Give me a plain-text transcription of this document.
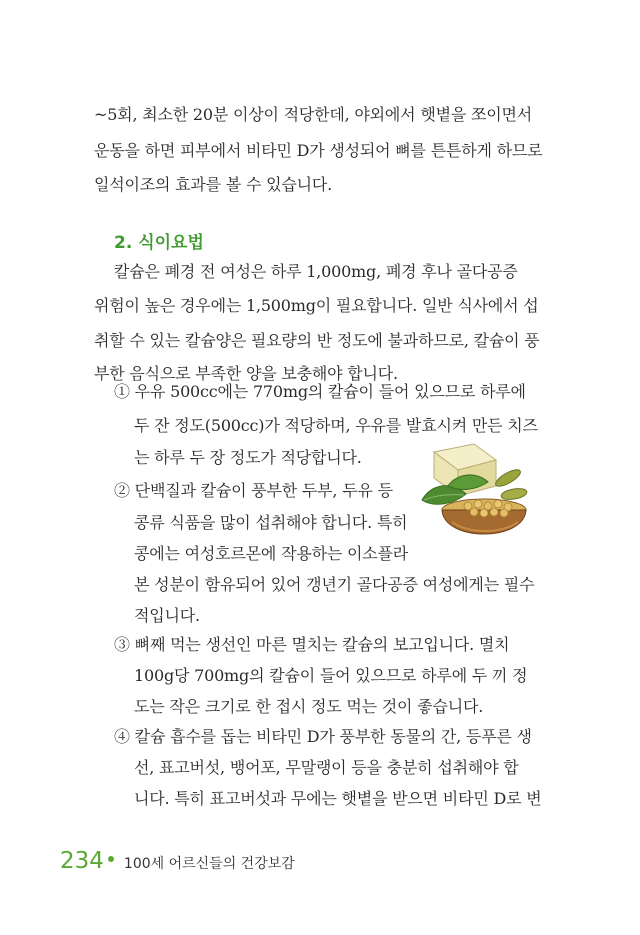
~5회, 최소한 20분 이상이 적당한데, 야외에서 햇볕을 쪼이면서
운동을 하면 피부에서 비타민 D가 생성되어 뼈를 튼튼하게 하므로
일석이조의 효과를 볼 수 있습니다.
2. 식이요법
칼슘은 폐경 전 여성은 하루 1,000mg, 폐경 후나 골다공증
위험이 높은 경우에는 1,500mg이 필요합니다. 일반 식사에서 섭
취할 수 있는 칼슘양은 필요량의 반 정도에 불과하므로, 칼슘이 풍
부한 음식으로 부족한 양을 보충해야 합니다.
① 우유 500cc에는 770mg의 칼슘이 들어 있으므로 하루에
두 잔 정도(500cc)가 적당하며, 우유를 발효시켜 만든 치즈
는 하루 두 장 정도가 적당합니다.
② 단백질과 칼슘이 풍부한 두부, 두유 등
콩류 식품을 많이 섭취해야 합니다. 특히
콩에는 여성호르몬에 작용하는 이소플라
본 성분이 함유되어 있어 갱년기 골다공증 여성에게는 필수
적입니다.
③ 뼈째 먹는 생선인 마른 멸치는 칼슘의 보고입니다. 멸치
100g당 700mg의 칼슘이 들어 있으므로 하루에 두 끼 정
도는 작은 크기로 한 접시 정도 먹는 것이 좋습니다.
④ 칼슘 흡수를 돕는 비타민 D가 풍부한 동물의 간, 등푸른 생
선, 표고버섯, 뱅어포, 무말랭이 등을 충분히 섭취해야 합
니다. 특히 표고버섯과 무에는 햇볕을 받으면 비타민 D로 변
234 100세 어르신들의 건강보감
